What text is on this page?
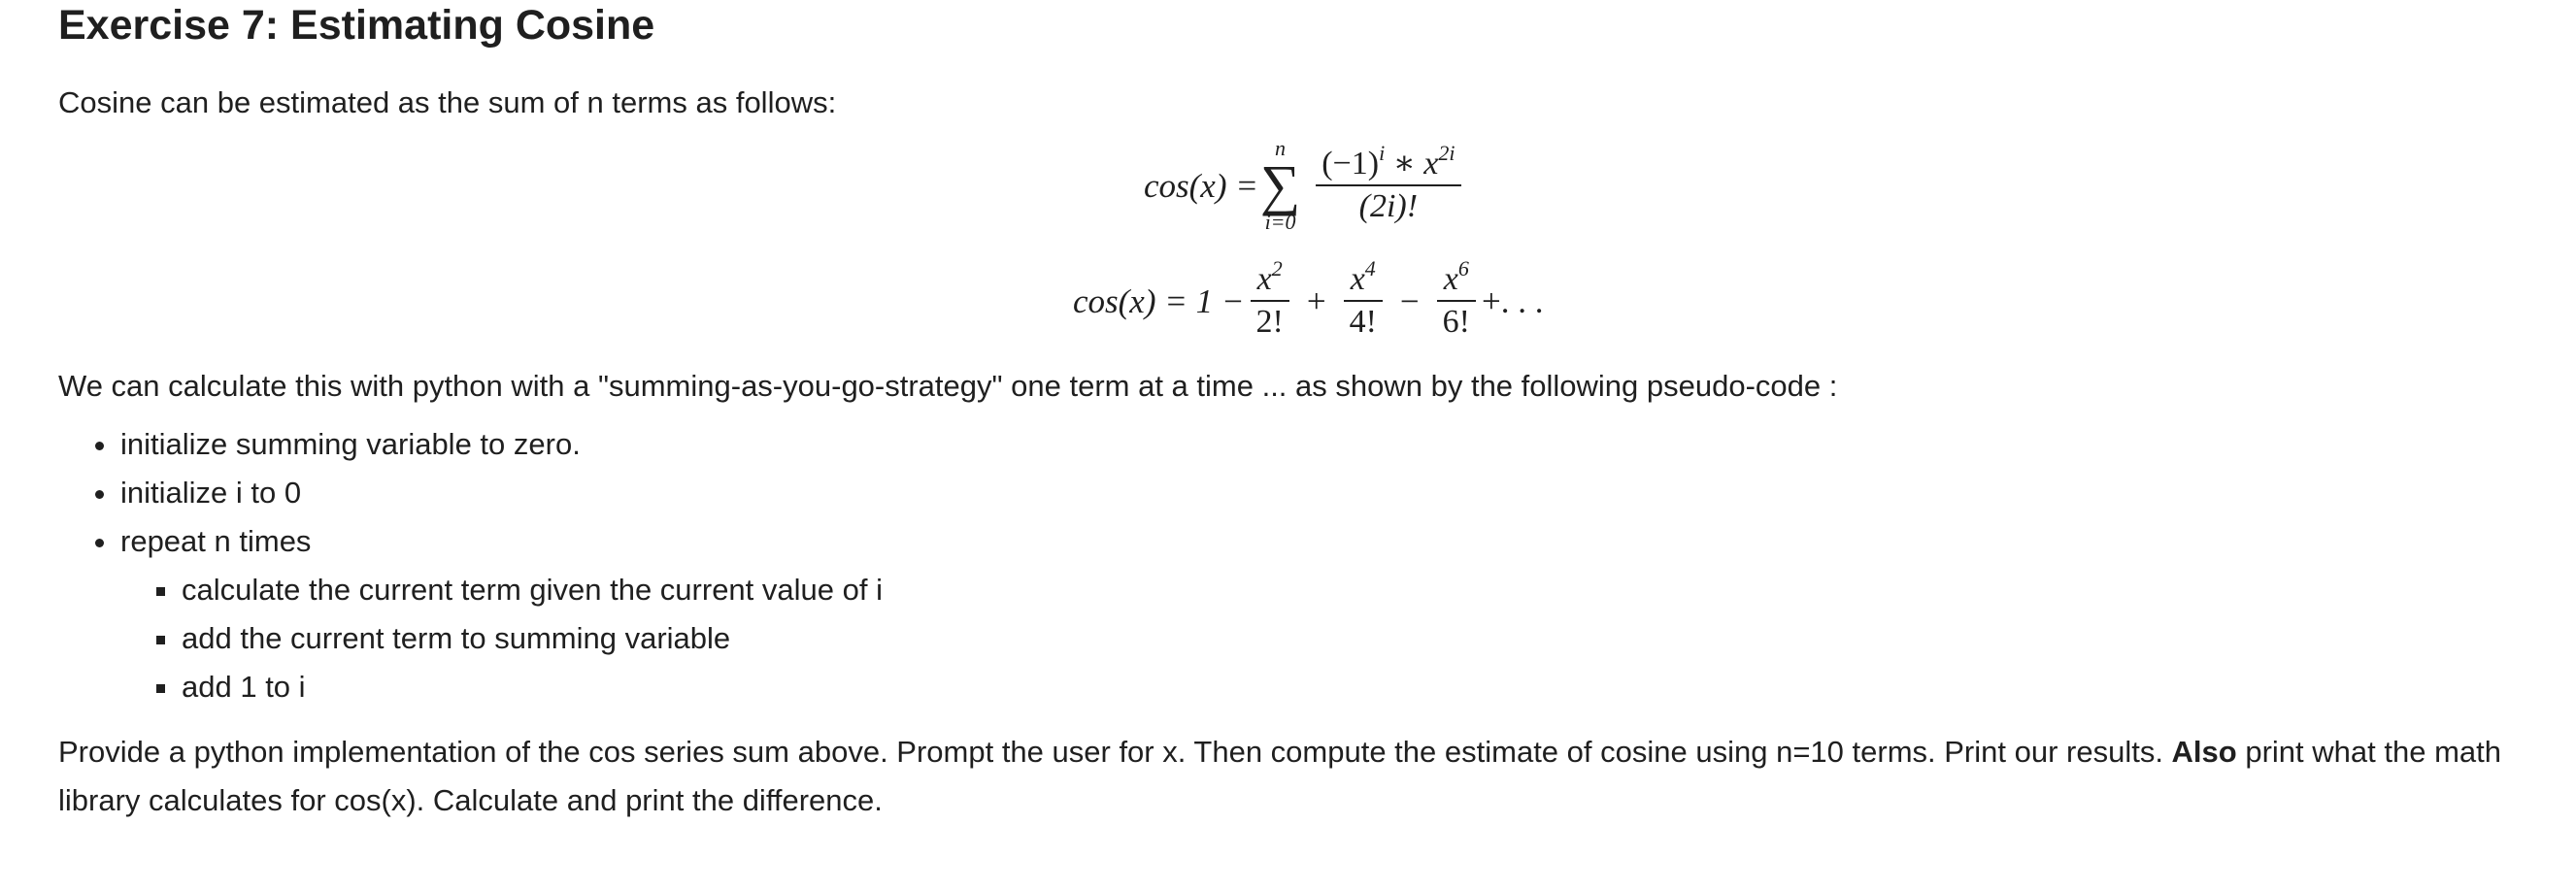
Exercise 7: Estimating Cosine

Cosine can be estimated as the sum of n terms as follows:

cos(x) =
n
∑
$i=0 \frac{(-1)^i ∗ x^{2i}}{(2i)!}$
$\cos(x) = 1 - \frac{x^2}{2!} + \frac{x^4}{4!} - \frac{x^6}{6!}$ +. . .

We can calculate this with python with a "summing-as-you-go-strategy" one term at a time ... as shown by the following pseudo-code :

• initialize summing variable to zero.
• initialize i to 0
• repeat n times
▪ calculate the current term given the current value of i
▪ add the current term to summing variable
▪ add 1 to i

Provide a python implementation of the cos series sum above. Prompt the user for x. Then compute the estimate of cosine using n=10 terms. Print our results. Also print what the math library calculates for cos(x). Calculate and print the difference.
